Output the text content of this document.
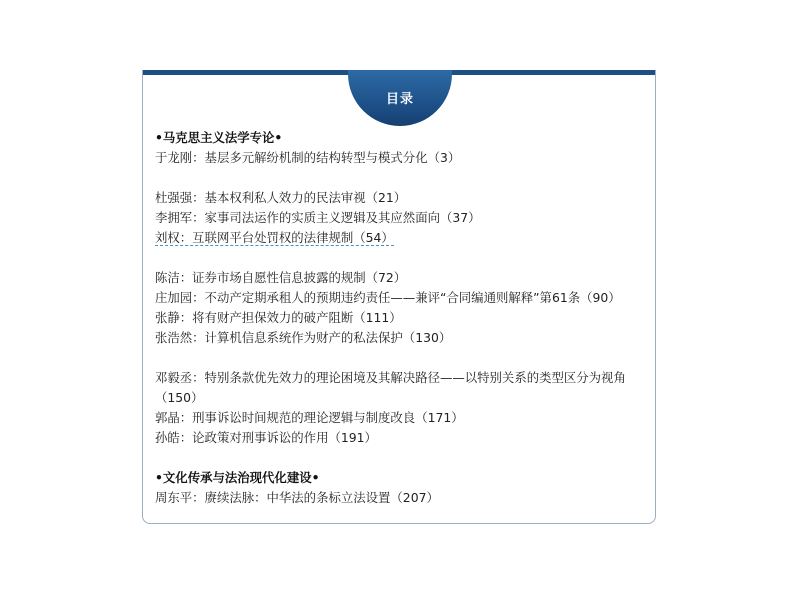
目录
•马克思主义法学专论•
于龙刚：基层多元解纷机制的结构转型与模式分化（3）
杜强强：基本权利私人效力的民法审视（21）
李拥军：家事司法运作的实质主义逻辑及其应然面向（37）
刘权：互联网平台处罚权的法律规制（54）
陈洁：证券市场自愿性信息披露的规制（72）
庄加园：不动产定期承租人的预期违约责任——兼评“合同编通则解释”第61条（90）
张静：将有财产担保效力的破产阻断（111）
张浩然：计算机信息系统作为财产的私法保护（130）
邓毅丞：特别条款优先效力的理论困境及其解决路径——以特别关系的类型区分为视角（150）
郭晶：刑事诉讼时间规范的理论逻辑与制度改良（171）
孙皓：论政策对刑事诉讼的作用（191）
•文化传承与法治现代化建设•
周东平：赓续法脉：中华法的条标立法设置（207）
